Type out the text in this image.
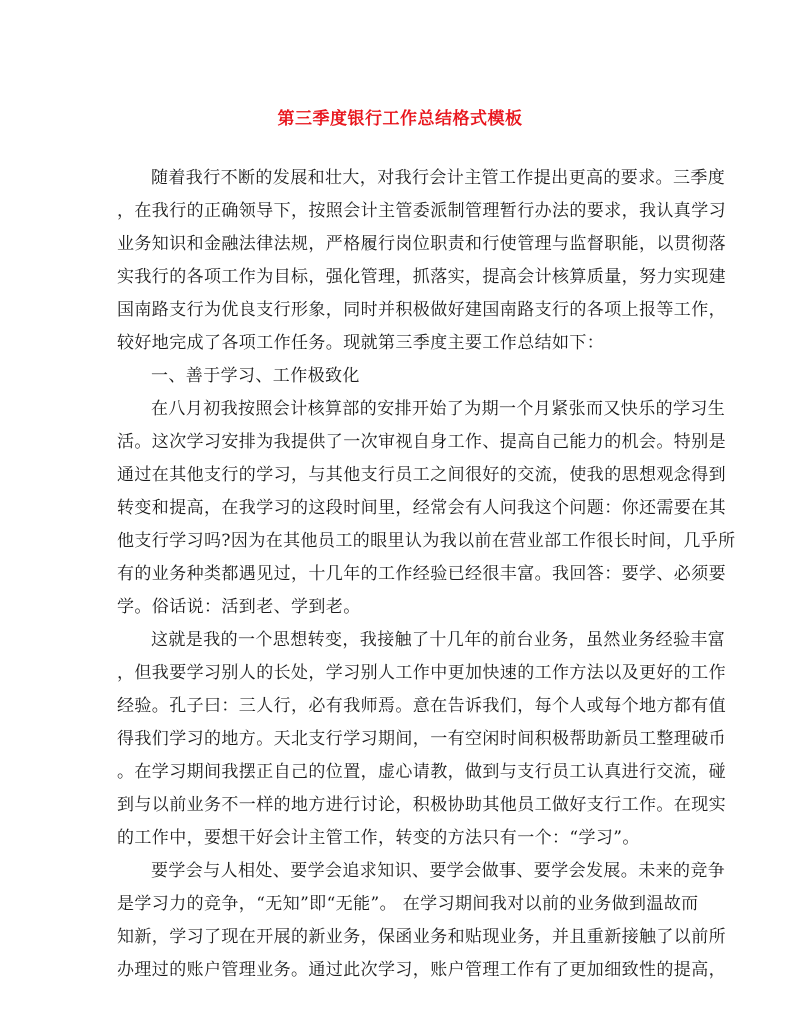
第三季度银行工作总结格式模板
随着我行不断的发展和壮大，对我行会计主管工作提出更高的要求。三季度
，在我行的正确领导下，按照会计主管委派制管理暂行办法的要求，我认真学习
业务知识和金融法律法规，严格履行岗位职责和行使管理与监督职能，以贯彻落
实我行的各项工作为目标，强化管理，抓落实，提高会计核算质量，努力实现建
国南路支行为优良支行形象，同时并积极做好建国南路支行的各项上报等工作，
较好地完成了各项工作任务。现就第三季度主要工作总结如下：
一、善于学习、工作极致化
在八月初我按照会计核算部的安排开始了为期一个月紧张而又快乐的学习生
活。这次学习安排为我提供了一次审视自身工作、提高自己能力的机会。特别是
通过在其他支行的学习，与其他支行员工之间很好的交流，使我的思想观念得到
转变和提高，在我学习的这段时间里，经常会有人问我这个问题：你还需要在其
他支行学习吗?因为在其他员工的眼里认为我以前在营业部工作很长时间，几乎所
有的业务种类都遇见过，十几年的工作经验已经很丰富。我回答：要学、必须要
学。俗话说：活到老、学到老。
这就是我的一个思想转变，我接触了十几年的前台业务，虽然业务经验丰富
，但我要学习别人的长处，学习别人工作中更加快速的工作方法以及更好的工作
经验。孔子曰：三人行，必有我师焉。意在告诉我们，每个人或每个地方都有值
得我们学习的地方。天北支行学习期间，一有空闲时间积极帮助新员工整理破币
。在学习期间我摆正自己的位置，虚心请教，做到与支行员工认真进行交流，碰
到与以前业务不一样的地方进行讨论，积极协助其他员工做好支行工作。在现实
的工作中，要想干好会计主管工作，转变的方法只有一个：“学习”。
要学会与人相处、要学会追求知识、要学会做事、要学会发展。未来的竞争
是学习力的竞争，“无知”即“无能”。 在学习期间我对以前的业务做到温故而
知新，学习了现在开展的新业务，保函业务和贴现业务，并且重新接触了以前所
办理过的账户管理业务。通过此次学习，账户管理工作有了更加细致性的提高，
